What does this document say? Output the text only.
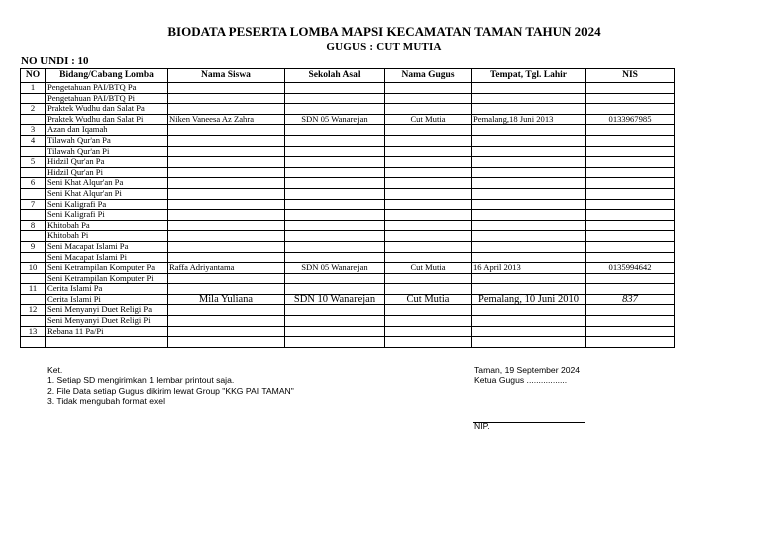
BIODATA PESERTA LOMBA MAPSI KECAMATAN TAMAN TAHUN 2024
GUGUS : CUT MUTIA
NO UNDI : 10
NO	Bidang/Cabang Lomba	Nama Siswa	Sekolah Asal	Nama Gugus	Tempat, Tgl. Lahir	NIS
1	Pengetahuan PAI/BTQ Pa					
	Pengetahuan PAI/BTQ Pi					
2	Praktek Wudhu dan Salat Pa					
	Praktek Wudhu dan Salat Pi	Niken Vaneesa Az Zahra	SDN 05 Wanarejan	Cut Mutia	Pemalang,18 Juni 2013	0133967985
3	Azan dan Iqamah					
4	Tilawah Qur'an Pa					
	Tilawah Qur'an Pi					
5	Hidzil Qur'an Pa					
	Hidzil Qur'an Pi					
6	Seni Khat Alqur'an Pa					
	Seni Khat Alqur'an Pi					
7	Seni Kaligrafi Pa					
	Seni Kaligrafi Pi					
8	Khitobah Pa					
	Khitobah Pi					
9	Seni Macapat Islami Pa					
	Seni Macapat Islami Pi					
10	Seni Ketrampilan Komputer Pa	Raffa Adriyantama	SDN 05 Wanarejan	Cut Mutia	16 April 2013	0135994642
	Seni Ketrampilan Komputer Pi					
11	Cerita Islami Pa					
	Cerita Islami Pi	Mila Yuliana	SDN 10 Wanarejan	Cut Mutia	Pemalang, 10 Juni 2010	837
12	Seni Menyanyi Duet Religi Pa					
	Seni Menyanyi Duet Religi Pi					
13	Rebana 11 Pa/Pi					

Ket.
1. Setiap SD mengirimkan 1 lembar printout saja.
2. File Data setiap Gugus dikirim lewat Group "KKG PAI TAMAN"
3. Tidak mengubah format exel
Taman, 19 September 2024
Ketua Gugus .................
NIP.
